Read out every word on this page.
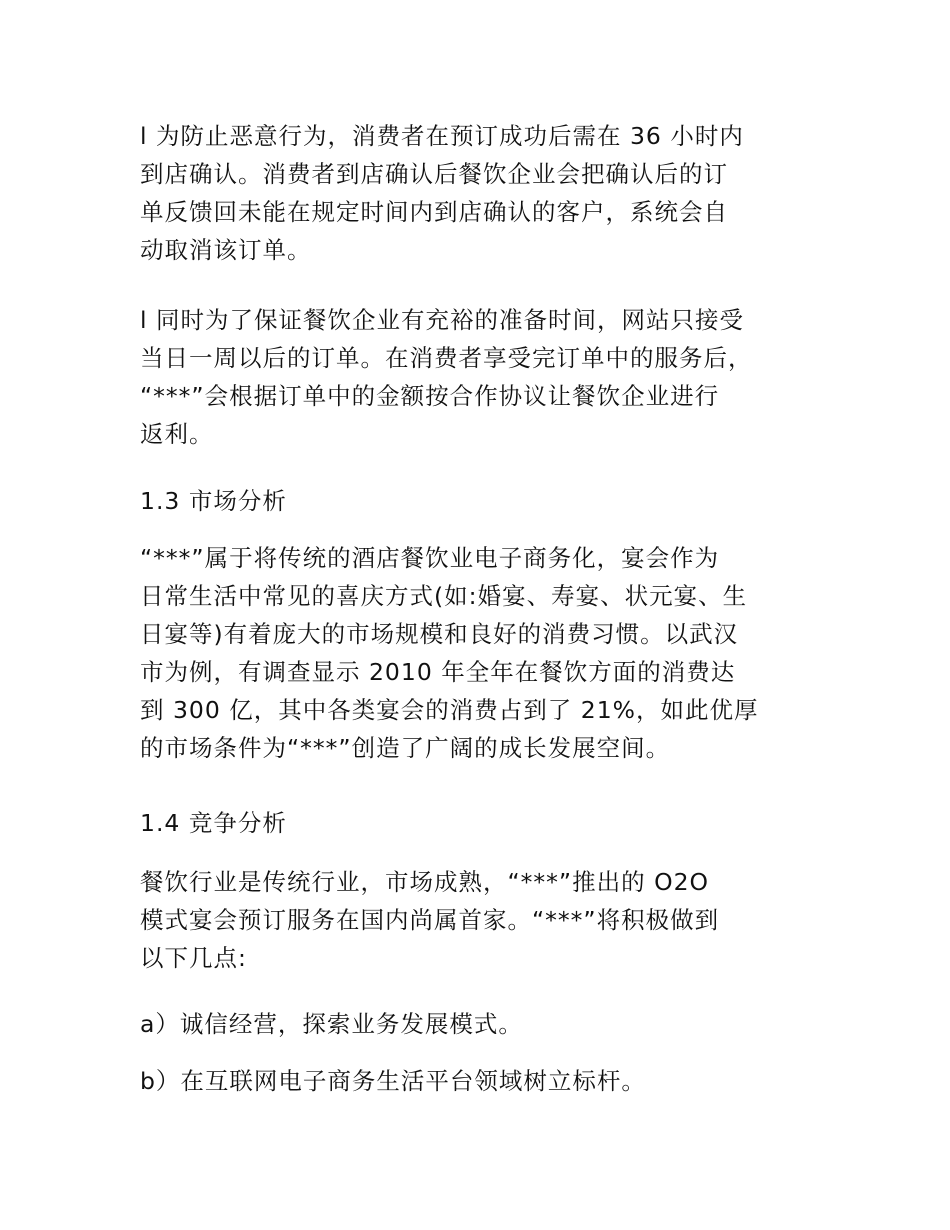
l 为防止恶意行为，消费者在预订成功后需在 36 小时内
到店确认。消费者到店确认后餐饮企业会把确认后的订
单反馈回未能在规定时间内到店确认的客户，系统会自
动取消该订单。
l 同时为了保证餐饮企业有充裕的准备时间，网站只接受
当日一周以后的订单。在消费者享受完订单中的服务后，
“***”会根据订单中的金额按合作协议让餐饮企业进行
返利。
1.3 市场分析
“***”属于将传统的酒店餐饮业电子商务化，宴会作为
日常生活中常见的喜庆方式(如:婚宴、寿宴、状元宴、生
日宴等)有着庞大的市场规模和良好的消费习惯。以武汉
市为例，有调查显示 2010 年全年在餐饮方面的消费达
到 300 亿，其中各类宴会的消费占到了 21%，如此优厚
的市场条件为“***”创造了广阔的成长发展空间。
1.4 竞争分析
餐饮行业是传统行业，市场成熟，“***”推出的 O2O
模式宴会预订服务在国内尚属首家。“***”将积极做到
以下几点:
a）诚信经营，探索业务发展模式。
b）在互联网电子商务生活平台领域树立标杆。
